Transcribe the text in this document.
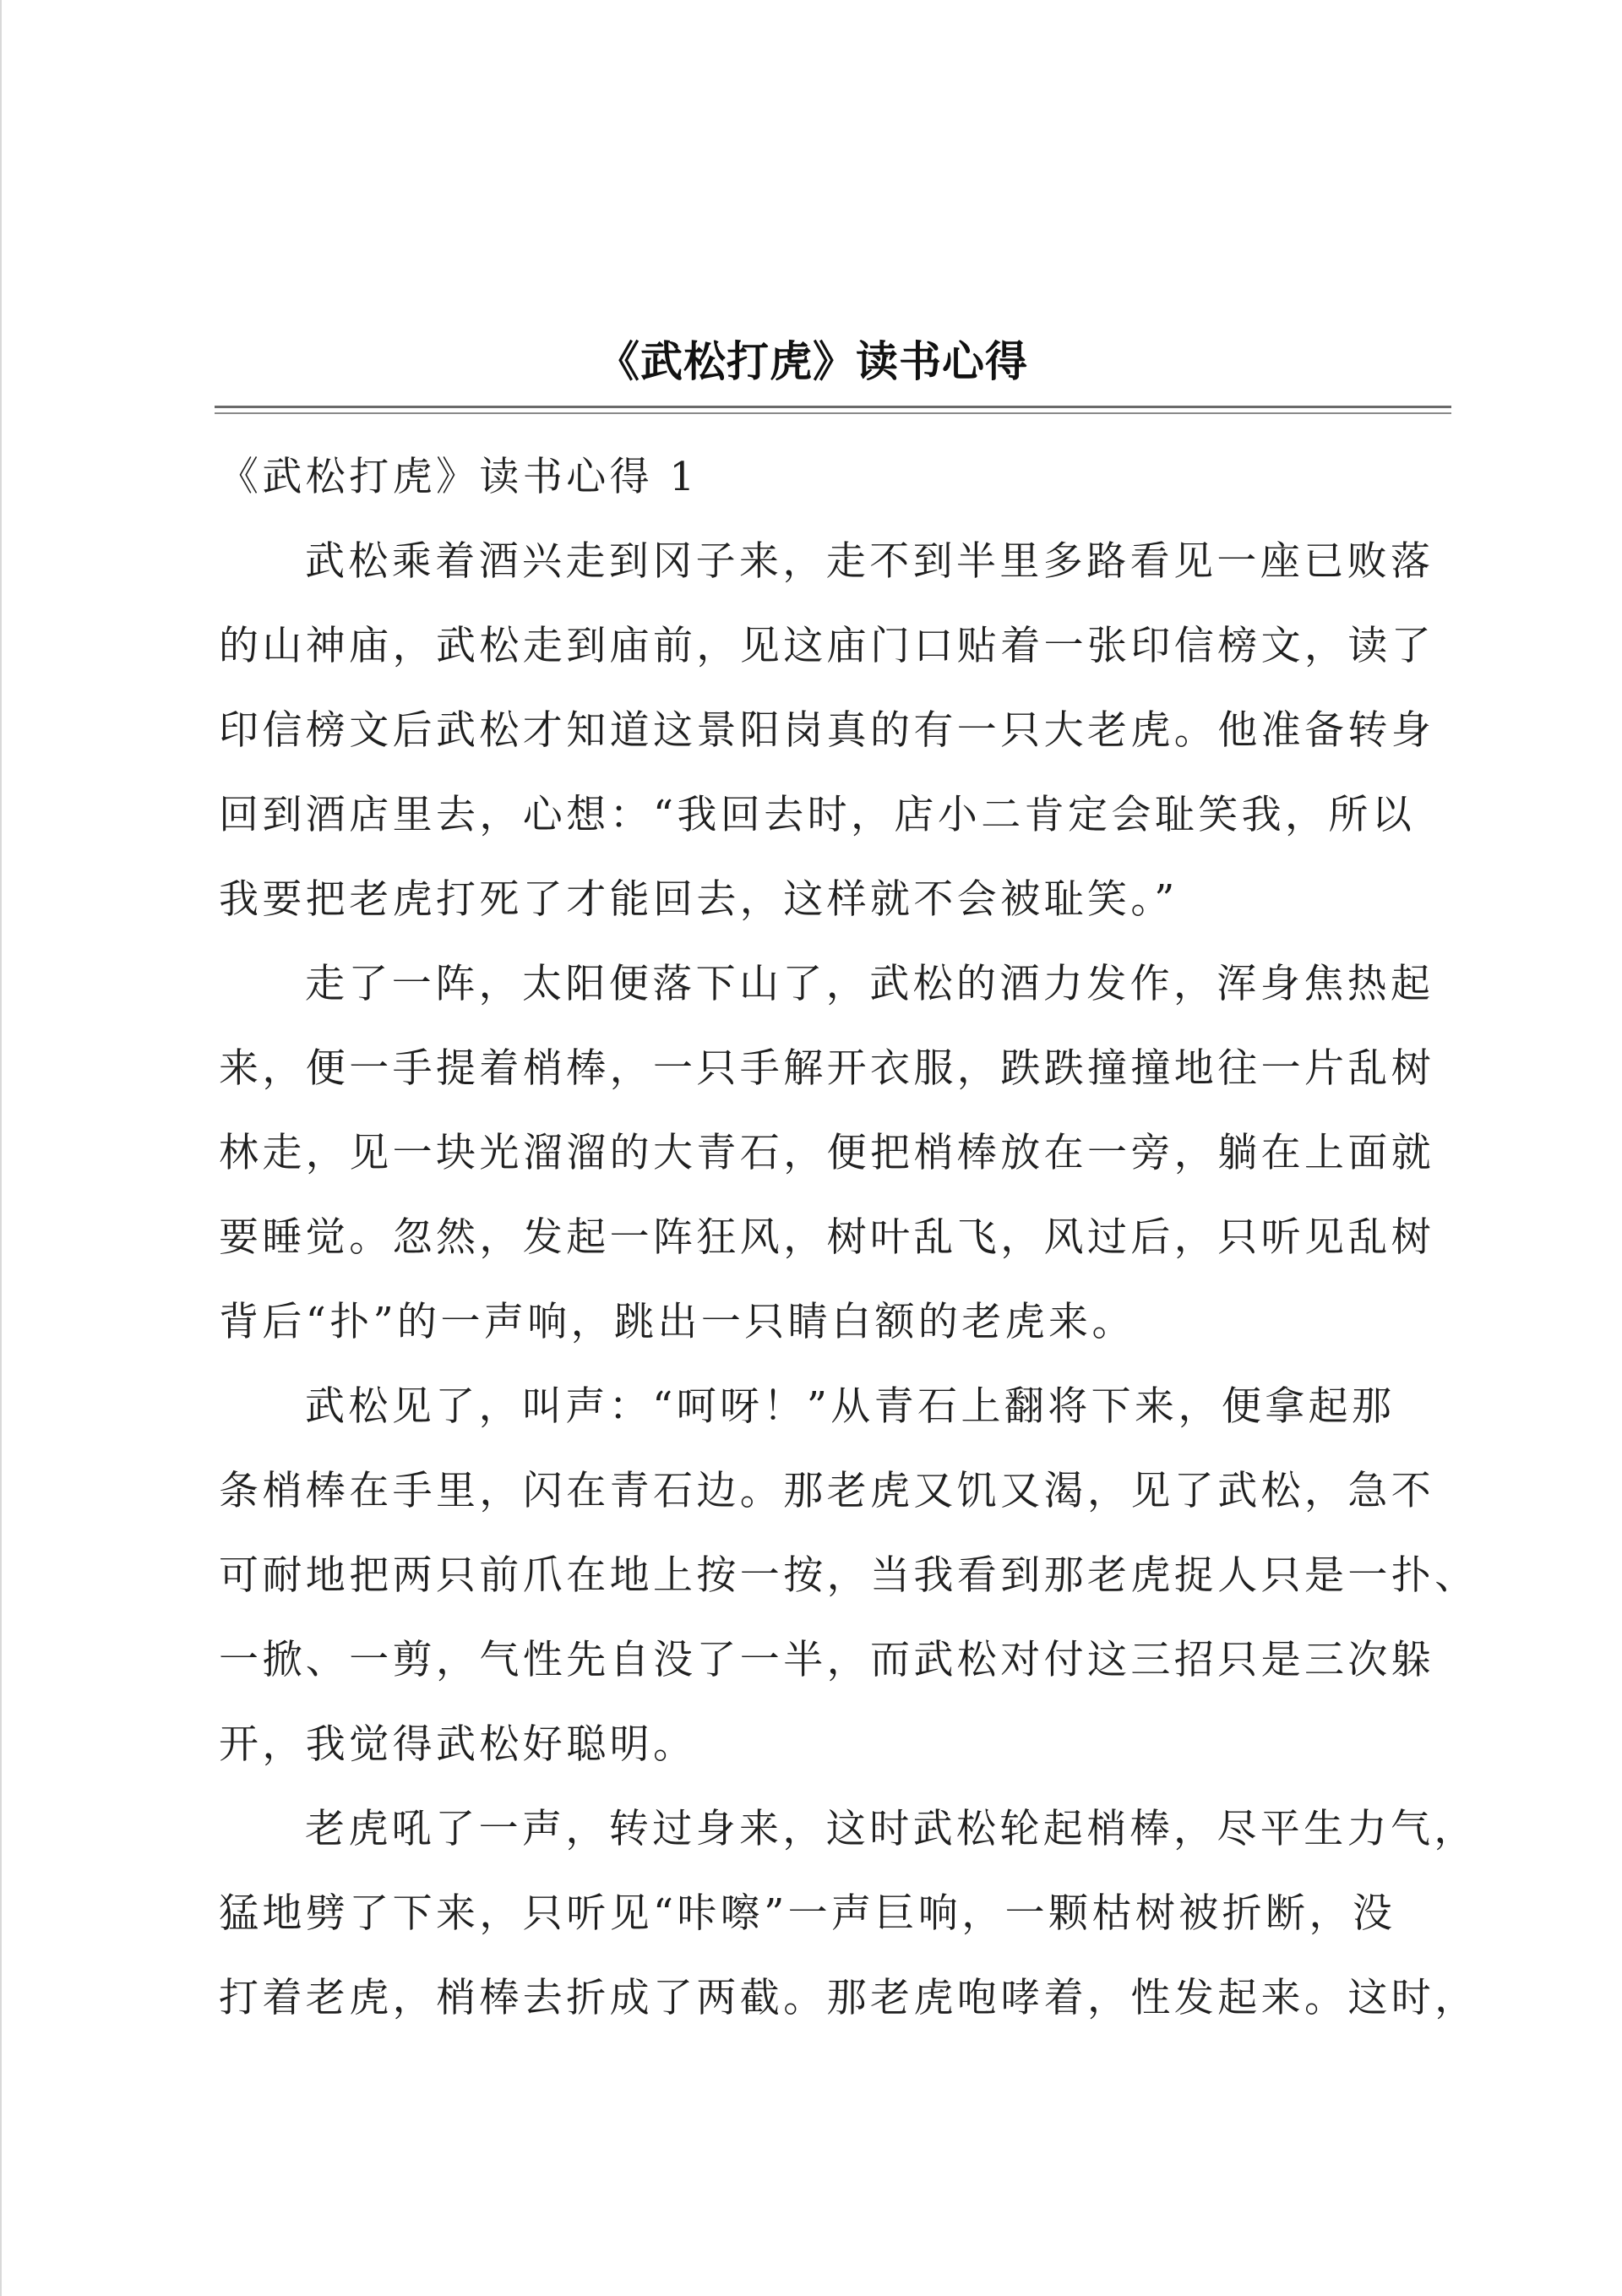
《武松打虎》读书心得

《武松打虎》读书心得 1

武松乘着酒兴走到冈子来，走不到半里多路看见一座已败落

的山神庙，武松走到庙前，见这庙门口贴着一张印信榜文，读了

印信榜文后武松才知道这景阳岗真的有一只大老虎。他准备转身

回到酒店里去，心想：“我回去时，店小二肯定会耻笑我，所以

我要把老虎打死了才能回去，这样就不会被耻笑。”

走了一阵，太阳便落下山了，武松的酒力发作，浑身焦热起

来，便一手提着梢棒，一只手解开衣服，跌跌撞撞地往一片乱树

林走，见一块光溜溜的大青石，便把梢棒放在一旁，躺在上面就

要睡觉。忽然，发起一阵狂风，树叶乱飞，风过后，只听见乱树

背后“扑”的一声响，跳出一只睛白额的老虎来。

武松见了，叫声：“呵呀！”从青石上翻将下来，便拿起那

条梢棒在手里，闪在青石边。那老虎又饥又渴，见了武松，急不

可耐地把两只前爪在地上按一按，当我看到那老虎捉人只是一扑、

一掀、一剪，气性先自没了一半，而武松对付这三招只是三次躲

开，我觉得武松好聪明。

老虎吼了一声，转过身来，这时武松轮起梢棒，尽平生力气，

猛地劈了下来，只听见“咔嚓”一声巨响，一颗枯树被折断，没

打着老虎，梢棒去折成了两截。那老虎咆哮着，性发起来。这时，
